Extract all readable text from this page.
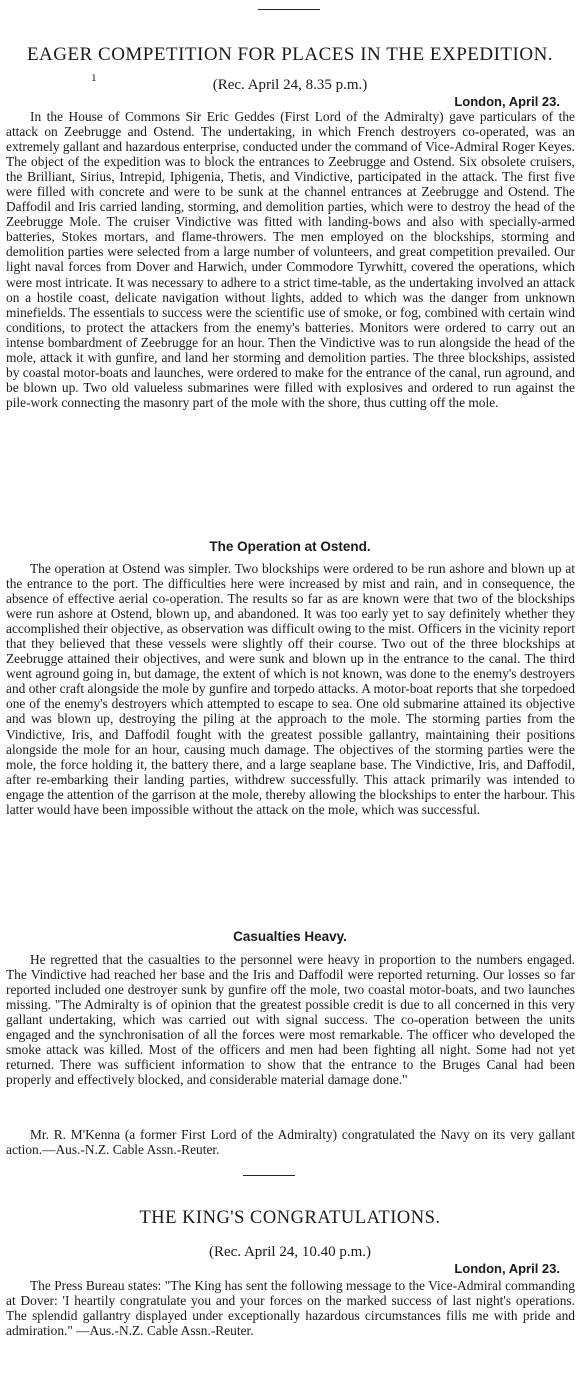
EAGER COMPETITION FOR PLACES IN THE EXPEDITION.
ı	(Rec. April 24, 8.35 p.m.)
London, April 23.

In the House of Commons Sir Eric Geddes (First Lord of the Admiralty) gave particulars of the attack on Zeebrugge and Ostend. The undertaking, in which French destroyers co-operated, was an extremely gallant and hazardous enterprise, conducted under the command of Vice-Admiral Roger Keyes. The object of the expedition was to block the entrances to Zeebrugge and Ostend. Six obsolete cruisers, the Brilliant, Sirius, Intrepid, Iphigenia, Thetis, and Vindictive, participated in the attack. The first five were filled with concrete and were to be sunk at the channel entrances at Zeebrugge and Ostend. The Daffodil and Iris carried landing, storming, and demolition parties, which were to destroy the head of the Zeebrugge Mole. The cruiser Vindictive was fitted with landing-bows and also with specially-armed batteries, Stokes mortars, and flame-throwers. The men employed on the blockships, storming and demolition parties were selected from a large number of volunteers, and great competition prevailed. Our light naval forces from Dover and Harwich, under Commodore Tyrwhitt, covered the operations, which were most intricate. It was necessary to adhere to a strict time-table, as the undertaking involved an attack on a hostile coast, delicate navigation without lights, added to which was the danger from unknown minefields. The essentials to success were the scientific use of smoke, or fog, combined with certain wind conditions, to protect the attackers from the enemy's batteries. Monitors were ordered to carry out an intense bombardment of Zeebrugge for an hour. Then the Vindictive was to run alongside the head of the mole, attack it with gunfire, and land her storming and demolition parties. The three blockships, assisted by coastal motor-boats and launches, were ordered to make for the entrance of the canal, run aground, and be blown up. Two old valueless submarines were filled with explosives and ordered to run against the pile-work connecting the masonry part of the mole with the shore, thus cutting off the mole.

The Operation at Ostend.

The operation at Ostend was simpler. Two blockships were ordered to be run ashore and blown up at the entrance to the port. The difficulties here were increased by mist and rain, and in consequence, the absence of effective aerial co-operation. The results so far as are known were that two of the blockships were run ashore at Ostend, blown up, and abandoned. It was too early yet to say definitely whether they accomplished their objective, as observation was difficult owing to the mist. Officers in the vicinity report that they believed that these vessels were slightly off their course. Two out of the three blockships at Zeebrugge attained their objectives, and were sunk and blown up in the entrance to the canal. The third went aground going in, but damage, the extent of which is not known, was done to the enemy's destroyers and other craft alongside the mole by gunfire and torpedo attacks. A motor-boat reports that she torpedoed one of the enemy's destroyers which attempted to escape to sea. One old submarine attained its objective and was blown up, destroying the piling at the approach to the mole. The storming parties from the Vindictive, Iris, and Daffodil fought with the greatest possible gallantry, maintaining their positions alongside the mole for an hour, causing much damage. The objectives of the storming parties were the mole, the force holding it, the battery there, and a large seaplane base. The Vindictive, Iris, and Daffodil, after re-embarking their landing parties, withdrew successfully. This attack primarily was intended to engage the attention of the garrison at the mole, thereby allowing the blockships to enter the harbour. This latter would have been impossible without the attack on the mole, which was successful.

Casualties Heavy.

He regretted that the casualties to the personnel were heavy in proportion to the numbers engaged. The Vindictive had reached her base and the Iris and Daffodil were reported returning. Our losses so far reported included one destroyer sunk by gunfire off the mole, two coastal motor-boats, and two launches missing. "The Admiralty is of opinion that the greatest possible credit is due to all concerned in this very gallant undertaking, which was carried out with signal success. The co-operation between the units engaged and the synchronisation of all the forces were most remarkable. The officer who developed the smoke attack was killed. Most of the officers and men had been fighting all night. Some had not yet returned. There was sufficient information to show that the entrance to the Bruges Canal had been properly and effectively blocked, and considerable material damage done."

Mr. R. M'Kenna (a former First Lord of the Admiralty) congratulated the Navy on its very gallant action.—Aus.-N.Z. Cable Assn.-Reuter.

THE KING'S CONGRATULATIONS.
(Rec. April 24, 10.40 p.m.)
London, April 23.

The Press Bureau states: "The King has sent the following message to the Vice-Admiral commanding at Dover: 'I heartily congratulate you and your forces on the marked success of last night's operations. The splendid gallantry displayed under exceptionally hazardous circumstances fills me with pride and admiration." —Aus.-N.Z. Cable Assn.-Reuter.
